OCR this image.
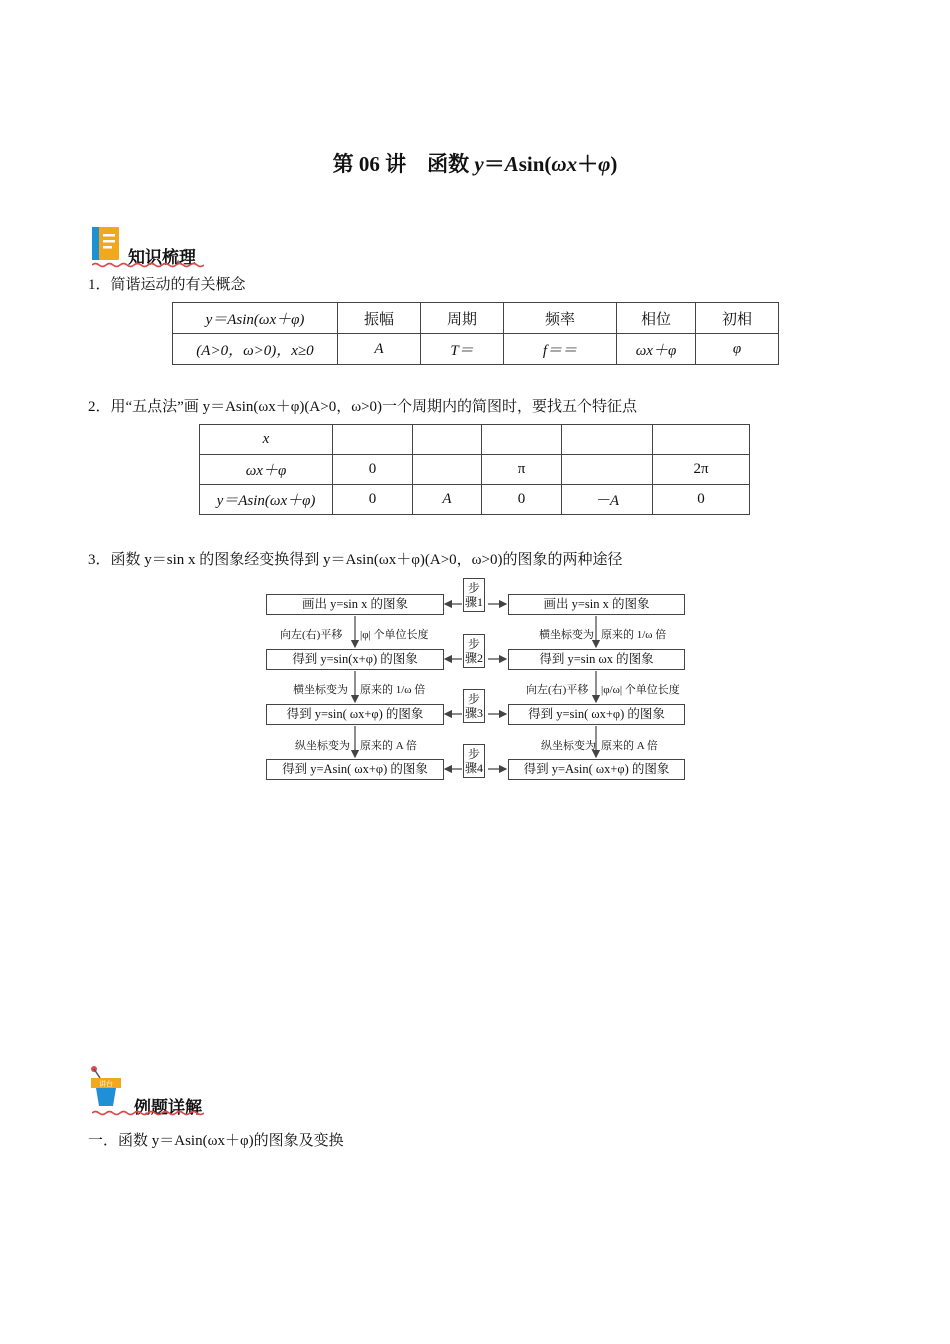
第 06 讲　函数 y＝Asin(ωx＋φ)
知识梳理
1．简谐运动的有关概念
y＝Asin(ωx＋φ)	振幅	周期	频率	相位	初相
(A>0，ω>0)，x≥0	A	T＝	f＝＝	ωx＋φ	φ
2．用“五点法”画 y＝Asin(ωx＋φ)(A>0，ω>0)一个周期内的简图时，要找五个特征点
x					
ωx＋φ	0		π		2π
y＝Asin(ωx＋φ)	0	A	0	－A	0
3．函数 y＝sin x 的图象经变换得到 y＝Asin(ωx＋φ)(A>0，ω>0)的图象的两种途径
画出 y=sin x 的图象
得到 y=sin(x+φ) 的图象
得到 y=sin( ωx+φ) 的图象
得到 y=Asin( ωx+φ) 的图象
画出 y=sin x 的图象
得到 y=sin ωx 的图象
得到 y=sin( ωx+φ) 的图象
得到 y=Asin( ωx+φ) 的图象
步骤1
步骤2
步骤3
步骤4
向左(右)平移 |φ| 个单位长度
横坐标变为 原来的 1/ω 倍
纵坐标变为 原来的 A 倍
横坐标变为 原来的 1/ω 倍
向左(右)平移 |φ/ω| 个单位长度
纵坐标变为 原来的 A 倍
讲台
例题详解
一．函数 y＝Asin(ωx＋φ)的图象及变换
